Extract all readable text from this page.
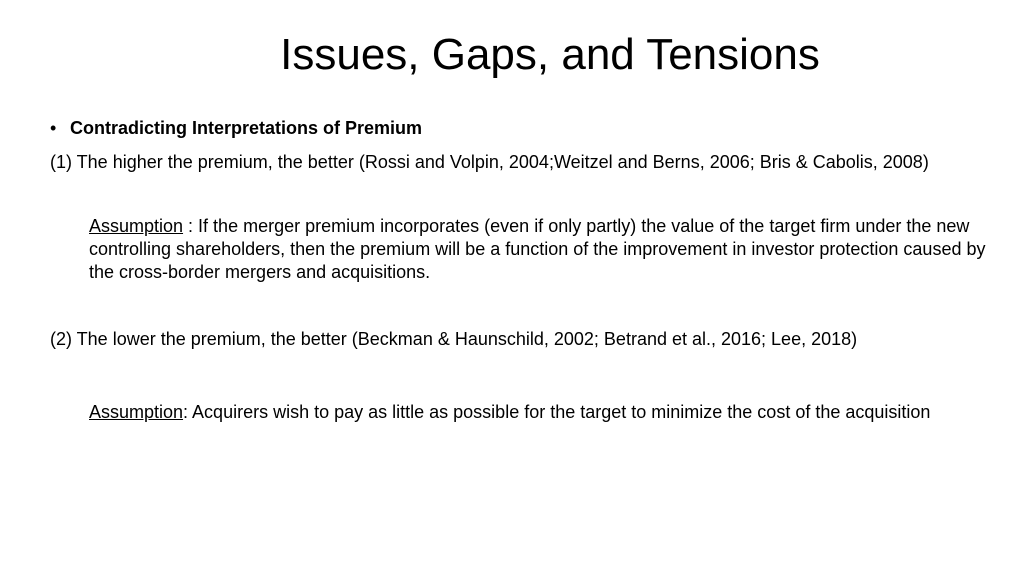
Issues, Gaps, and Tensions
• Contradicting Interpretations of Premium

(1) The higher the premium, the better (Rossi and Volpin, 2004;Weitzel and Berns, 2006; Bris & Cabolis, 2008)

Assumption : If the merger premium incorporates (even if only partly) the value of the target firm under the new controlling shareholders, then the premium will be a function of the improvement in investor protection caused by the cross-border mergers and acquisitions.

(2) The lower the premium, the better (Beckman & Haunschild, 2002; Betrand et al., 2016; Lee, 2018)

Assumption: Acquirers wish to pay as little as possible for the target to minimize the cost of the acquisition
